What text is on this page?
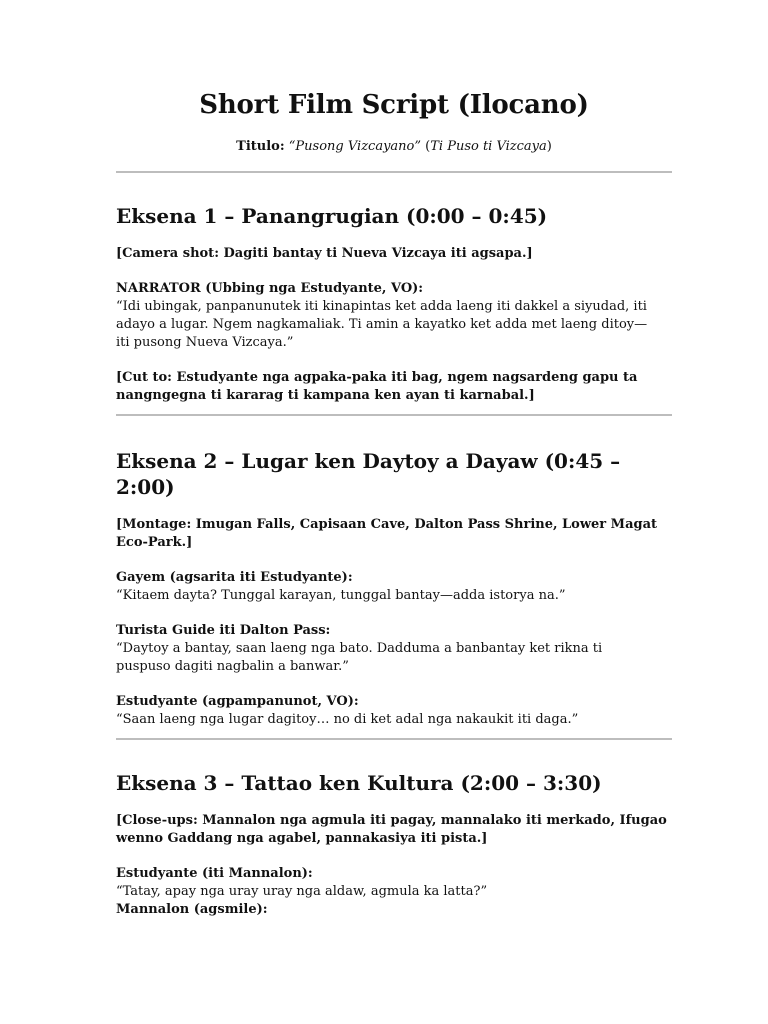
Short Film Script (Ilocano)
Titulo: “Pusong Vizcayano” (Ti Puso ti Vizcaya)
Eksena 1 – Panangrugian (0:00 – 0:45)

[Camera shot: Dagiti bantay ti Nueva Vizcaya iti agsapa.]

NARRATOR (Ubbing nga Estudyante, VO):

“Idi ubingak, panpanunutek iti kinapintas ket adda laeng iti dakkel a siyudad, iti

adayo a lugar. Ngem nagkamaliak. Ti amin a kayatko ket adda met laeng ditoy—

iti pusong Nueva Vizcaya.”

[Cut to: Estudyante nga agpaka-paka iti bag, ngem nagsardeng gapu ta

nangngegna ti kararag ti kampana ken ayan ti karnabal.]

Eksena 2 – Lugar ken Daytoy a Dayaw (0:45 –
2:00)

[Montage: Imugan Falls, Capisaan Cave, Dalton Pass Shrine, Lower Magat

Eco-Park.]

Gayem (agsarita iti Estudyante):

“Kitaem dayta? Tunggal karayan, tunggal bantay—adda istorya na.”

Turista Guide iti Dalton Pass:

“Daytoy a bantay, saan laeng nga bato. Dadduma a banbantay ket rikna ti

puspuso dagiti nagbalin a banwar.”

Estudyante (agpampanunot, VO):

“Saan laeng nga lugar dagitoy… no di ket adal nga nakaukit iti daga.”

Eksena 3 – Tattao ken Kultura (2:00 – 3:30)

[Close-ups: Mannalon nga agmula iti pagay, mannalako iti merkado, Ifugao

wenno Gaddang nga agabel, pannakasiya iti pista.]

Estudyante (iti Mannalon):

“Tatay, apay nga uray uray nga aldaw, agmula ka latta?”

Mannalon (agsmile):
